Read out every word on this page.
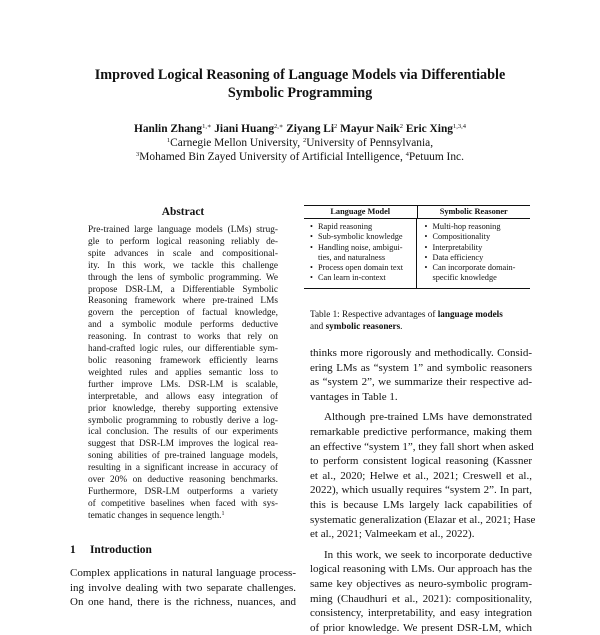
Improved Logical Reasoning of Language Models via Differentiable
Symbolic Programming
Hanlin Zhang$^{1,∗}$ Jiani Huang$^{2,∗}$ Ziyang Li$^2$ Mayur Naik$^2$ Eric Xing$^{1,3,4}$
$^1$Carnegie Mellon University, $^2$University of Pennsylvania,
$^3$Mohamed Bin Zayed University of Artificial Intelligence, $^4$Petuum Inc.
Abstract
Pre-trained large language models (LMs) strug-
gle to perform logical reasoning reliably de-
spite advances in scale and compositional-
ity. In this work, we tackle this challenge
through the lens of symbolic programming. We
propose DSR-LM, a Differentiable Symbolic
Reasoning framework where pre-trained LMs
govern the perception of factual knowledge,
and a symbolic module performs deductive
reasoning. In contrast to works that rely on
hand-crafted logic rules, our differentiable sym-
bolic reasoning framework efficiently learns
weighted rules and applies semantic loss to
further improve LMs. DSR-LM is scalable,
interpretable, and allows easy integration of
prior knowledge, thereby supporting extensive
symbolic programming to robustly derive a log-
ical conclusion. The results of our experiments
suggest that DSR-LM improves the logical rea-
soning abilities of pre-trained language models,
resulting in a significant increase in accuracy of
over 20% on deductive reasoning benchmarks.
Furthermore, DSR-LM outperforms a variety
of competitive baselines when faced with sys-
tematic changes in sequence length.$^1$
1 Introduction
Complex applications in natural language process-
ing involve dealing with two separate challenges.
On one hand, there is the richness, nuances, and
Language Model	Symbolic Reasoner
• Rapid reasoning
• Sub-symbolic knowledge
• Handling noise, ambigui-
ties, and naturalness
• Process open domain text
• Can learn in-context
• Multi-hop reasoning
• Compositionality
• Interpretability
• Data efficiency
• Can incorporate domain-
specific knowledge
Table 1: Respective advantages of language models
and symbolic reasoners.
thinks more rigorously and methodically. Consid-
ering LMs as “system 1” and symbolic reasoners
as “system 2”, we summarize their respective ad-
vantages in Table 1.
Although pre-trained LMs have demonstrated
remarkable predictive performance, making them
an effective “system 1”, they fall short when asked
to perform consistent logical reasoning (Kassner
et al., 2020; Helwe et al., 2021; Creswell et al.,
2022), which usually requires “system 2”. In part,
this is because LMs largely lack capabilities of
systematic generalization (Elazar et al., 2021; Hase
et al., 2021; Valmeekam et al., 2022).
In this work, we seek to incorporate deductive
logical reasoning with LMs. Our approach has the
same key objectives as neuro-symbolic program-
ming (Chaudhuri et al., 2021): compositionality,
consistency, interpretability, and easy integration
of prior knowledge. We present DSR-LM, which
